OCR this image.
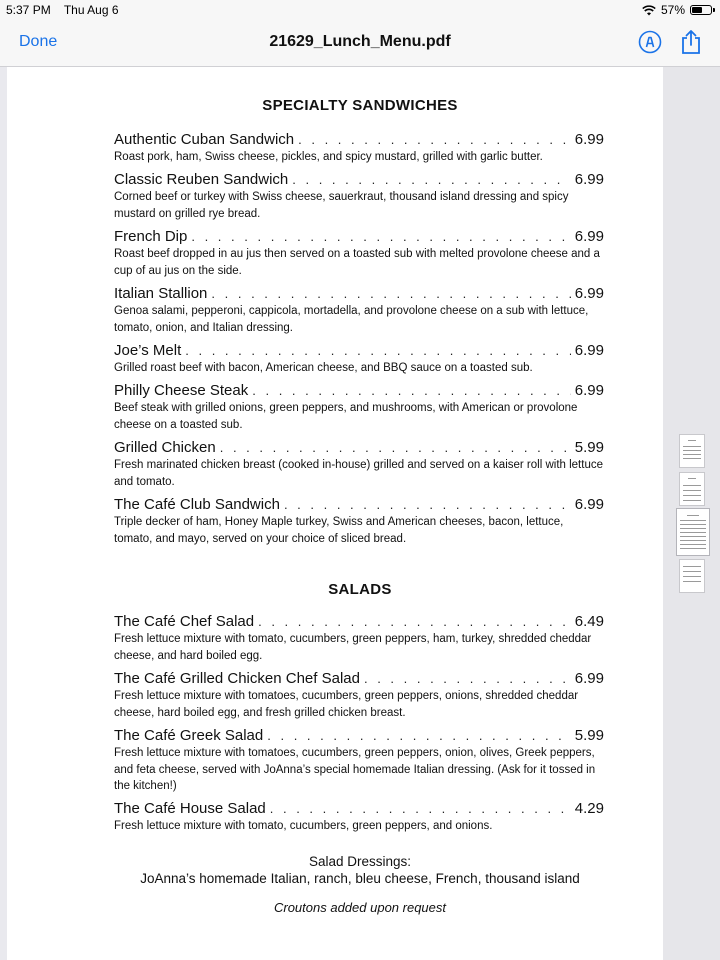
5:37 PM Thu Aug 6	57%
Done	21629_Lunch_Menu.pdf
SPECIALTY SANDWICHES
Authentic Cuban Sandwich . . .	6.99
Roast pork, ham, Swiss cheese, pickles, and spicy mustard, grilled with garlic butter.
Classic Reuben Sandwich . . .	6.99
Corned beef or turkey with Swiss cheese, sauerkraut, thousand island dressing and spicy mustard on grilled rye bread.
French Dip . . .	6.99
Roast beef dropped in au jus then served on a toasted sub with melted provolone cheese and a cup of au jus on the side.
Italian Stallion . . .	6.99
Genoa salami, pepperoni, cappicola, mortadella, and provolone cheese on a sub with lettuce, tomato, onion, and Italian dressing.
Joe’s Melt . . .	6.99
Grilled roast beef with bacon, American cheese, and BBQ sauce on a toasted sub.
Philly Cheese Steak . . .	6.99
Beef steak with grilled onions, green peppers, and mushrooms, with American or provolone cheese on a toasted sub.
Grilled Chicken . . .	5.99
Fresh marinated chicken breast (cooked in-house) grilled and served on a kaiser roll with lettuce and tomato.
The Café Club Sandwich . . .	6.99
Triple decker of ham, Honey Maple turkey, Swiss and American cheeses, bacon, lettuce, tomato, and mayo, served on your choice of sliced bread.
SALADS
The Café Chef Salad . . .	6.49
Fresh lettuce mixture with tomato, cucumbers, green peppers, ham, turkey, shredded cheddar cheese, and hard boiled egg.
The Café Grilled Chicken Chef Salad . . .	6.99
Fresh lettuce mixture with tomatoes, cucumbers, green peppers, onions, shredded cheddar cheese, hard boiled egg, and fresh grilled chicken breast.
The Café Greek Salad . . .	5.99
Fresh lettuce mixture with tomatoes, cucumbers, green peppers, onion, olives, Greek peppers, and feta cheese, served with JoAnna’s special homemade Italian dressing. (Ask for it tossed in the kitchen!)
The Café House Salad . . .	4.29
Fresh lettuce mixture with tomato, cucumbers, green peppers, and onions.
Salad Dressings:
JoAnna’s homemade Italian, ranch, bleu cheese, French, thousand island
Croutons added upon request
